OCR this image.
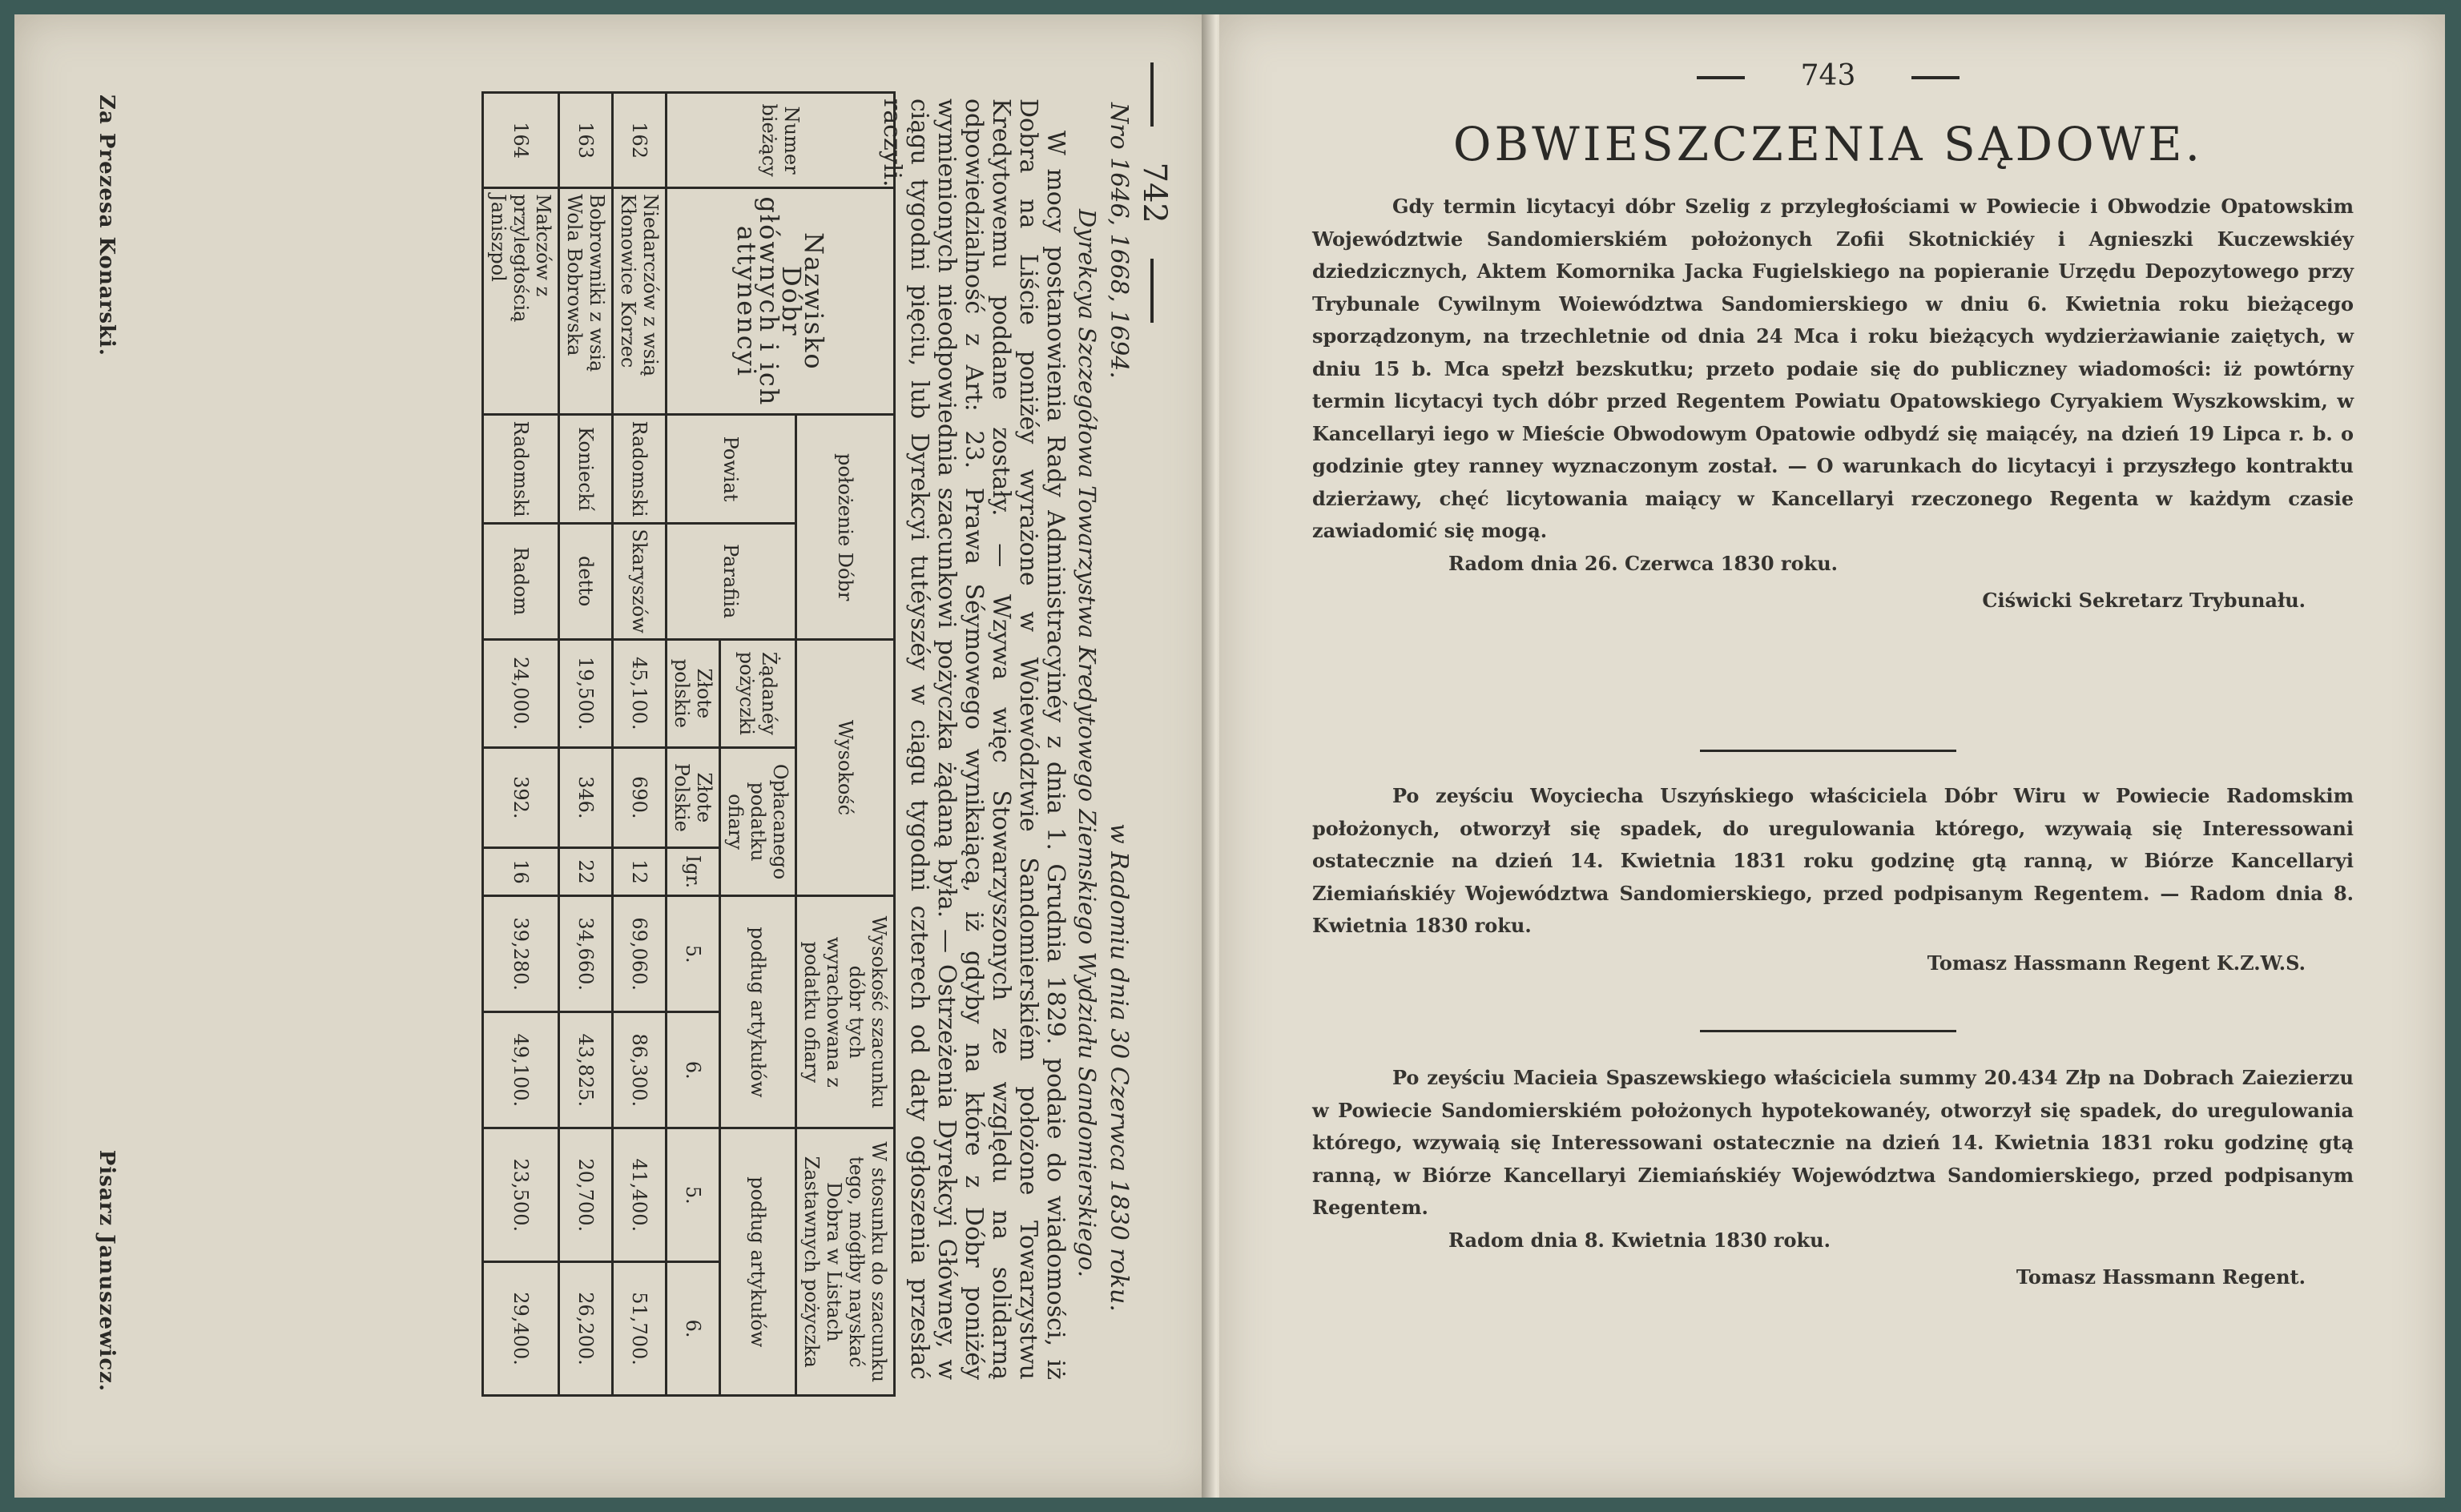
742
Nro 1646, 1668, 1694.
w Radomiu dnia 30 Czerwca 1830 roku.
Dyrekcya Szczegółowa Towarzystwa Kredytowego Ziemskiego Wydziału Sandomierskiego.

W mocy postanowienia Rady Administracyinéy z dnia 1. Grudnia 1829. podaie do wiadomości, iż Dobra na Liście poniżéy wyrażone w Woiewództwie Sandomierskiém położone Towarzystwu Kredytowemu poddane zostały. — Wzywa więc Stowarzyszonych ze względu na solidarną odpowiedzialność z Art: 23. Prawa Séymowego wynikaiącą, iż gdyby na które z Dóbr poniżéy wymienionych nieodpowiednia szacunkowi pożyczka żądaną była. — Ostrzeżenia Dyrekcyi Główney, w ciągu tygodni pięciu, lub Dyrekcyi tutéyszéy w ciągu tygodni czterech od daty ogłoszenia przesłać raczyli.

Numer bieżący	Nazwisko Dóbr głównych i ich attynencyi	położenie Dóbr		Wysokość			Wysokość szacunku dóbr tych wyrachowana z podatku ofiary		W stosunku do szacunku tego, mógłby nayskać Dobra w Listach Zastawnych pożyczka	
		Powiat	Parafiia	Żądanéy pożyczki	Opłacanego podatku ofiary		podług artykułów		podług artykułów	
				Złote polskie	Złote Polskie	Igr.	5.	6.	5.	6.
162	Niedarczów z wsią Kłonowice Korzec	Radomski	Skaryszów	45,100.	690.	12	69,060.	86,300.	41,400.	51,700.
163	Bobrowniki z wsią Wola Bobrowska	Konieckí	detto	19,500.	346.	22	34,660.	43,825.	20,700.	26,200.
164	Małczów z przyległością Janiszpol	Radomski	Radom	24,000.	392.	16	39,280.	49,100.	23,500.	29,400.
Za Prezesa Konarski.
Pisarz Januszewicz.
743
OBWIESZCZENIA SĄDOWE.

Gdy termin licytacyi dóbr Szelig z przyległościami w Powiecie i Obwodzie Opatowskim Województwie Sandomierskiém położonych Zofii Skotnickiéy i Agnieszki Kuczewskiéy dziedzicznych, Aktem Komornika Jacka Fugielskiego na popieranie Urzędu Depozytowego przy Trybunale Cywilnym Woiewództwa Sandomierskiego w dniu 6. Kwietnia roku bieżącego sporządzonym, na trzechletnie od dnia 24 Mca i roku bieżących wydzierżawianie zaiętych, w dniu 15 b. Mca spełzł bezskutku; przeto podaie się do publiczney wiadomości: iż powtórny termin licytacyi tych dóbr przed Regentem Powiatu Opatowskiego Cyryakiem Wyszkowskim, w Kancellaryi iego w Mieście Obwodowym Opatowie odbydź się maiącéy, na dzień 19 Lipca r. b. o godzinie gtey ranney wyznaczonym został. — O warunkach do licytacyi i przyszłego kontraktu dzierżawy, chęć licytowania maiący w Kancellaryi rzeczonego Regenta w każdym czasie zawiadomić się mogą.

Radom dnia 26. Czerwca 1830 roku.

Ciświcki Sekretarz Trybunału.

Po zeyściu Woyciecha Uszyńskiego właściciela Dóbr Wiru w Powiecie Radomskim położonych, otworzył się spadek, do uregulowania którego, wzywaią się Interessowani ostatecznie na dzień 14. Kwietnia 1831 roku godzinę gtą ranną, w Biórze Kancellaryi Ziemiańskiéy Województwa Sandomierskiego, przed podpisanym Regentem. — Radom dnia 8. Kwietnia 1830 roku.

Tomasz Hassmann Regent K.Z.W.S.

Po zeyściu Macieia Spaszewskiego właściciela summy 20.434 Złp na Dobrach Zaiezierzu w Powiecie Sandomierskiém położonych hypotekowanéy, otworzył się spadek, do uregulowania którego, wzywaią się Interessowani ostatecznie na dzień 14. Kwietnia 1831 roku godzinę gtą ranną, w Biórze Kancellaryi Ziemiańskiéy Województwa Sandomierskiego, przed podpisanym Regentem.

Radom dnia 8. Kwietnia 1830 roku.

Tomasz Hassmann Regent.
